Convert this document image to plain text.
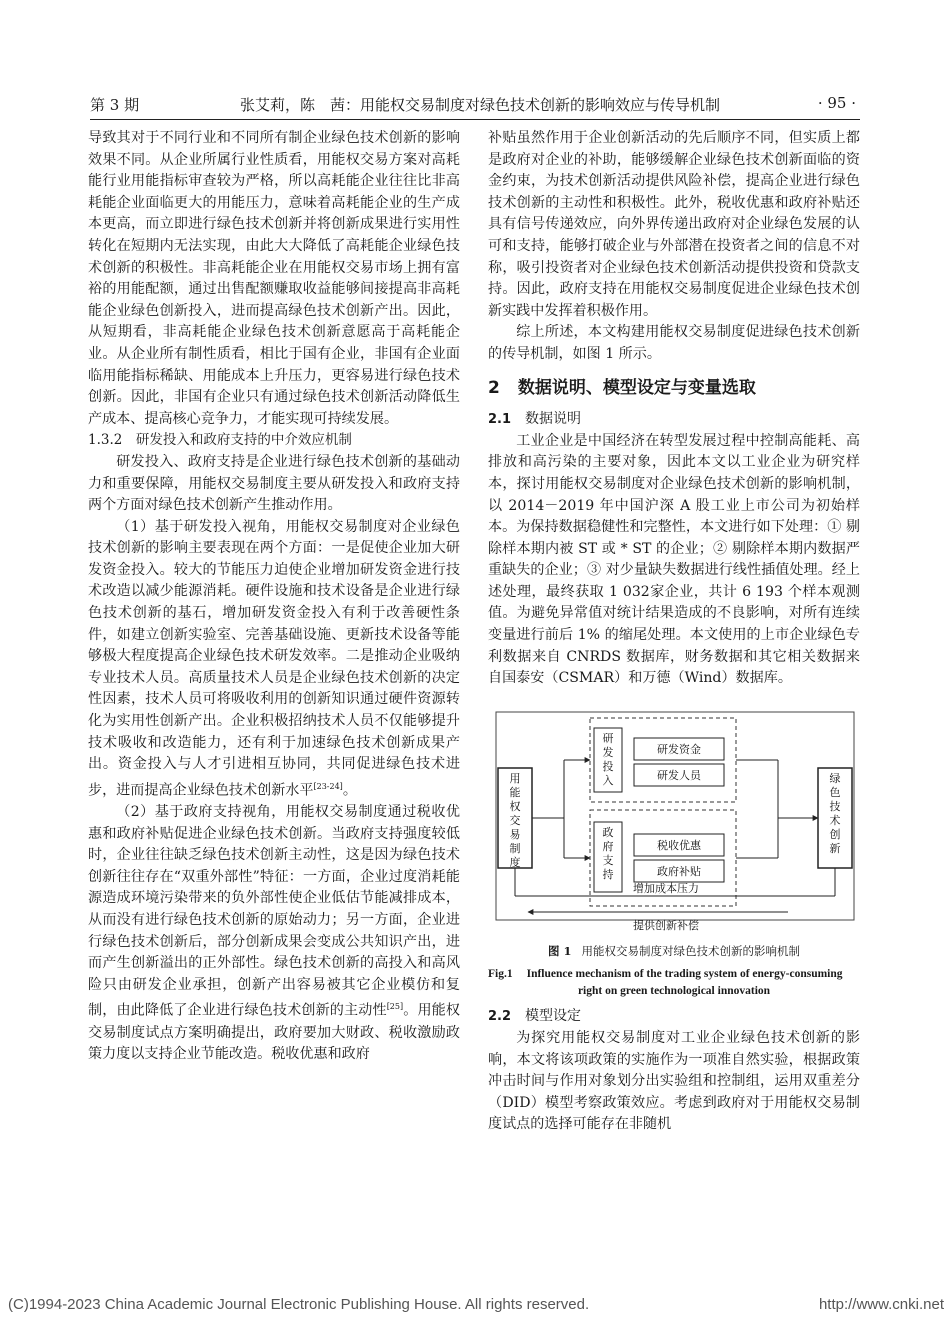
第 3 期	张艾莉，陈　茜：用能权交易制度对绿色技术创新的影响效应与传导机制	· 95 ·

导致其对于不同行业和不同所有制企业绿色技术创新的影响效果不同。从企业所属行业性质看，用能权交易方案对高耗能行业用能指标审查较为严格，所以高耗能企业往往比非高耗能企业面临更大的用能压力，意味着高耗能企业的生产成本更高，而立即进行绿色技术创新并将创新成果进行实用性转化在短期内无法实现，由此大大降低了高耗能企业绿色技术创新的积极性。非高耗能企业在用能权交易市场上拥有富裕的用能配额，通过出售配额赚取收益能够间接提高非高耗能企业绿色创新投入，进而提高绿色技术创新产出。因此，从短期看，非高耗能企业绿色技术创新意愿高于高耗能企业。从企业所有制性质看，相比于国有企业，非国有企业面临用能指标稀缺、用能成本上升压力，更容易进行绿色技术创新。因此，非国有企业只有通过绿色技术创新活动降低生产成本、提高核心竞争力，才能实现可持续发展。

1.3.2　研发投入和政府支持的中介效应机制

研发投入、政府支持是企业进行绿色技术创新的基础动力和重要保障，用能权交易制度主要从研发投入和政府支持两个方面对绿色技术创新产生推动作用。

（1）基于研发投入视角，用能权交易制度对企业绿色技术创新的影响主要表现在两个方面：一是促使企业加大研发资金投入。较大的节能压力迫使企业增加研发资金进行技术改造以减少能源消耗。硬件设施和技术设备是企业进行绿色技术创新的基石，增加研发资金投入有利于改善硬性条件，如建立创新实验室、完善基础设施、更新技术设备等能够极大程度提高企业绿色技术研发效率。二是推动企业吸纳专业技术人员。高质量技术人员是企业绿色技术创新的决定性因素，技术人员可将吸收利用的创新知识通过硬件资源转化为实用性创新产出。企业积极招纳技术人员不仅能够提升技术吸收和改造能力，还有利于加速绿色技术创新成果产出。资金投入与人才引进相互协同，共同促进绿色技术进步，进而提高企业绿色技术创新水平[23-24]。

（2）基于政府支持视角，用能权交易制度通过税收优惠和政府补贴促进企业绿色技术创新。当政府支持强度较低时，企业往往缺乏绿色技术创新主动性，这是因为绿色技术创新往往存在“双重外部性”特征：一方面，企业过度消耗能源造成环境污染带来的负外部性使企业低估节能减排成本，从而没有进行绿色技术创新的原始动力；另一方面，企业进行绿色技术创新后，部分创新成果会变成公共知识产出，进而产生创新溢出的正外部性。绿色技术创新的高投入和高风险只由研发企业承担，创新产出容易被其它企业模仿和复制，由此降低了企业进行绿色技术创新的主动性[25]。用能权交易制度试点方案明确提出，政府要加大财政、税收激励政策力度以支持企业节能改造。税收优惠和政府

补贴虽然作用于企业创新活动的先后顺序不同，但实质上都是政府对企业的补助，能够缓解企业绿色技术创新面临的资金约束，为技术创新活动提供风险补偿，提高企业进行绿色技术创新的主动性和积极性。此外，税收优惠和政府补贴还具有信号传递效应，向外界传递出政府对企业绿色发展的认可和支持，能够打破企业与外部潜在投资者之间的信息不对称，吸引投资者对企业绿色技术创新活动提供投资和贷款支持。因此，政府支持在用能权交易制度促进企业绿色技术创新实践中发挥着积极作用。

综上所述，本文构建用能权交易制度促进绿色技术创新的传导机制，如图 1 所示。

2 数据说明、模型设定与变量选取

2.1 数据说明

工业企业是中国经济在转型发展过程中控制高能耗、高排放和高污染的主要对象，因此本文以工业企业为研究样本，探讨用能权交易制度对企业绿色技术创新的影响机制，以 2014－2019 年中国沪深 A 股工业上市公司为初始样本。为保持数据稳健性和完整性，本文进行如下处理：① 剔除样本期内被 ST 或 * ST 的企业；② 剔除样本期内数据严重缺失的企业；③ 对少量缺失数据进行线性插值处理。经上述处理，最终获取 1 032家企业，共计 6 193 个样本观测值。为避免异常值对统计结果造成的不良影响，对所有连续变量进行前后 1% 的缩尾处理。本文使用的上市企业绿色专利数据来自 CNRDS 数据库，财务数据和其它相关数据来自国泰安（CSMAR）和万德（Wind）数据库。

用能权交易制度
绿色技术创新
研发投入
政府支持
研发资金
研发人员
税收优惠
政府补贴
增加成本压力
提供创新补偿
图 1 用能权交易制度对绿色技术创新的影响机制
Fig.1 Influence mechanism of the trading system of energy-consuming
right on green technological innovation

2.2 模型设定

为探究用能权交易制度对工业企业绿色技术创新的影响，本文将该项政策的实施作为一项准自然实验，根据政策冲击时间与作用对象划分出实验组和控制组，运用双重差分（DID）模型考察政策效应。考虑到政府对于用能权交易制度试点的选择可能存在非随机

(C)1994-2023 China Academic Journal Electronic Publishing House. All rights reserved.	http://www.cnki.net
